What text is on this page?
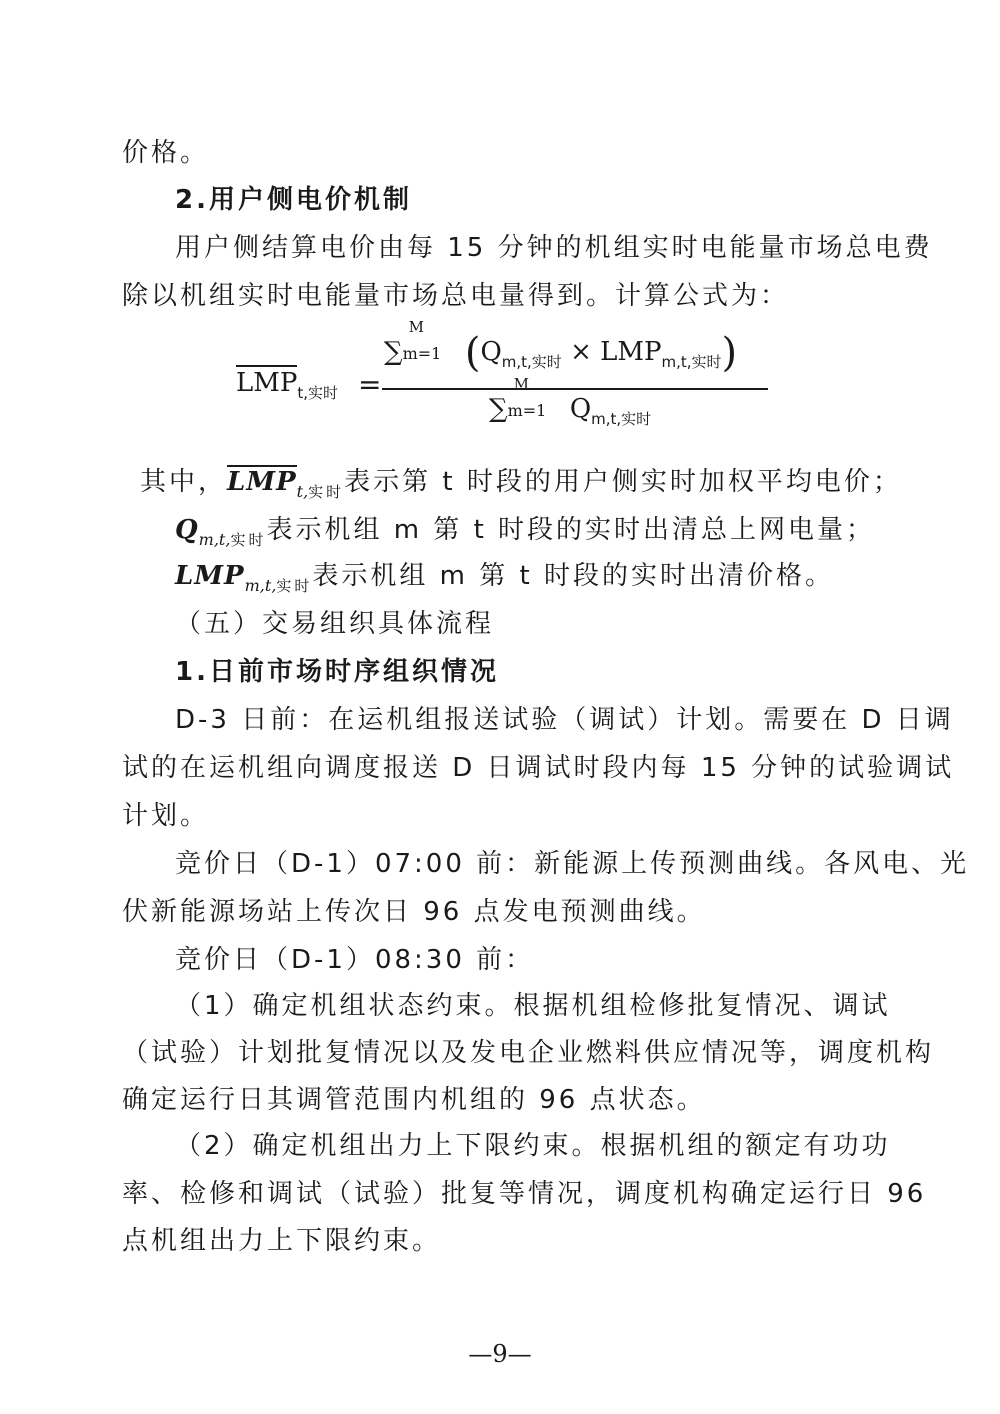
价格。
2.用户侧电价机制
用户侧结算电价由每 15 分钟的机组实时电能量市场总电费
除以机组实时电能量市场总电量得到。计算公式为：
$LMP_{t,实时}$ =
∑
M
m=1 $(Q_{m,t,实时} \times LMP_{m,t,实时})$
∑
M
m=1 $Q_{m,t,实时}$
其中，$LMP_{t,实时}$表示第 t 时段的用户侧实时加权平均电价；
$Q_{m,t,实时}$表示机组 m 第 t 时段的实时出清总上网电量；
$LMP_{m,t,实时}$表示机组 m 第 t 时段的实时出清价格。
（五）交易组织具体流程
1.日前市场时序组织情况
D-3 日前：在运机组报送试验（调试）计划。需要在 D 日调
试的在运机组向调度报送 D 日调试时段内每 15 分钟的试验调试
计划。
竞价日（D-1）07:00 前：新能源上传预测曲线。各风电、光
伏新能源场站上传次日 96 点发电预测曲线。
竞价日（D-1）08:30 前：
（1）确定机组状态约束。根据机组检修批复情况、调试
（试验）计划批复情况以及发电企业燃料供应情况等，调度机构
确定运行日其调管范围内机组的 96 点状态。
（2）确定机组出力上下限约束。根据机组的额定有功功
率、检修和调试（试验）批复等情况，调度机构确定运行日 96
点机组出力上下限约束。
—9—
